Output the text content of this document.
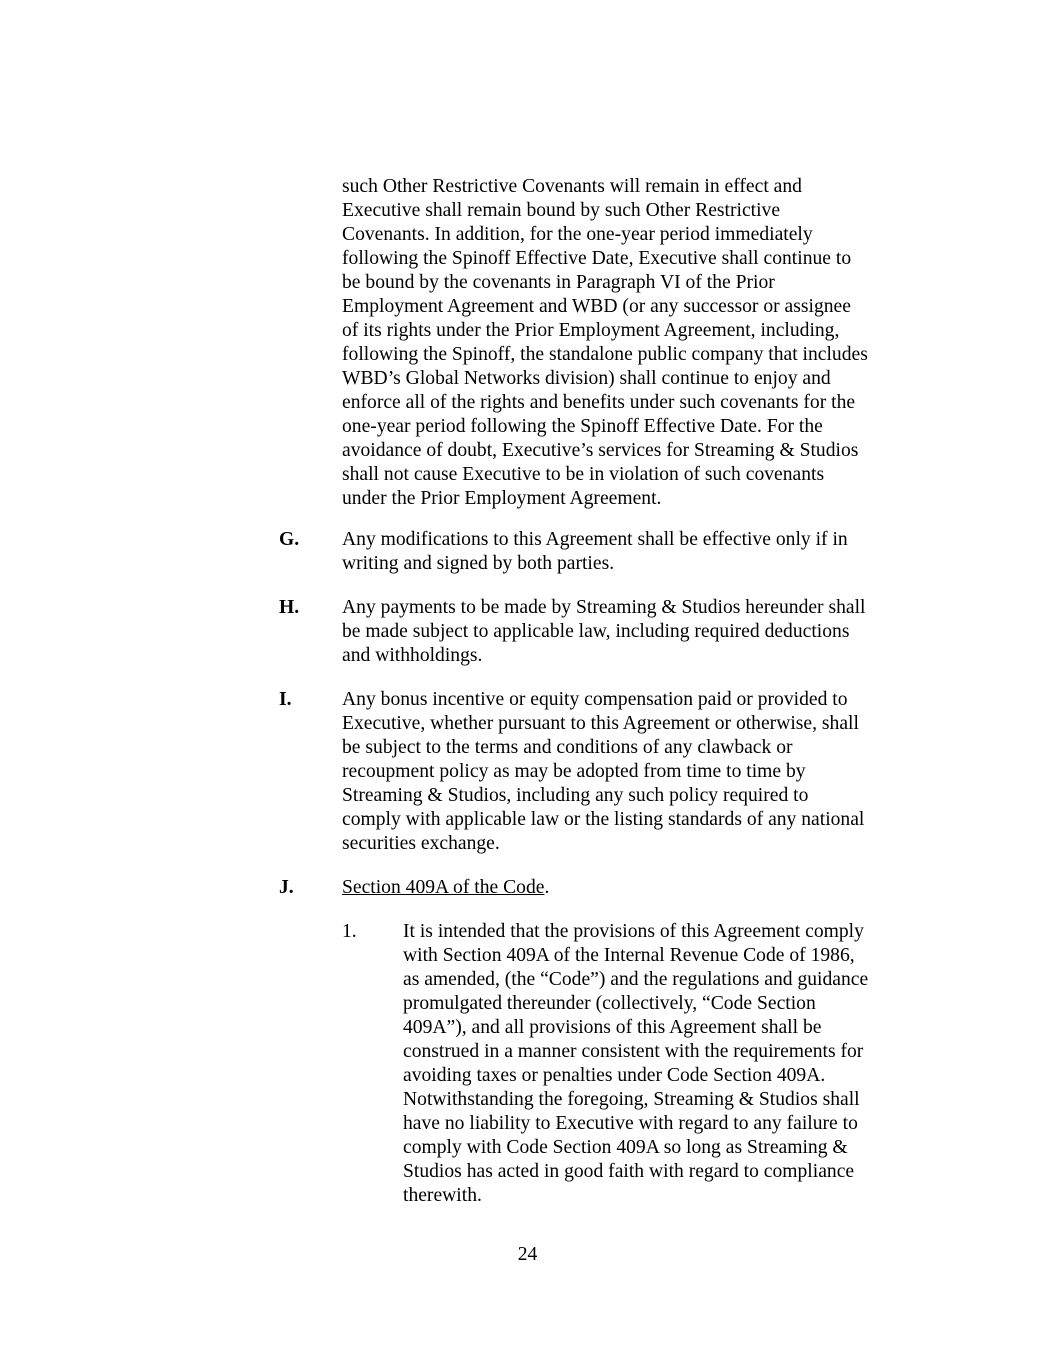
such Other Restrictive Covenants will remain in effect and
Executive shall remain bound by such Other Restrictive
Covenants. In addition, for the one-year period immediately
following the Spinoff Effective Date, Executive shall continue to
be bound by the covenants in Paragraph VI of the Prior
Employment Agreement and WBD (or any successor or assignee
of its rights under the Prior Employment Agreement, including,
following the Spinoff, the standalone public company that includes
WBD’s Global Networks division) shall continue to enjoy and
enforce all of the rights and benefits under such covenants for the
one-year period following the Spinoff Effective Date. For the
avoidance of doubt, Executive’s services for Streaming & Studios
shall not cause Executive to be in violation of such covenants
under the Prior Employment Agreement.
G. Any modifications to this Agreement shall be effective only if in
writing and signed by both parties.
H. Any payments to be made by Streaming & Studios hereunder shall
be made subject to applicable law, including required deductions
and withholdings.
I.	Any bonus incentive or equity compensation paid or provided to
Executive, whether pursuant to this Agreement or otherwise, shall
be subject to the terms and conditions of any clawback or
recoupment policy as may be adopted from time to time by
Streaming & Studios, including any such policy required to
comply with applicable law or the listing standards of any national
securities exchange.
J. Section 409A of the Code.
1. It is intended that the provisions of this Agreement comply
with Section 409A of the Internal Revenue Code of 1986,
as amended, (the “Code”) and the regulations and guidance
promulgated thereunder (collectively, “Code Section
409A”), and all provisions of this Agreement shall be
construed in a manner consistent with the requirements for
avoiding taxes or penalties under Code Section 409A.
Notwithstanding the foregoing, Streaming & Studios shall
have no liability to Executive with regard to any failure to
comply with Code Section 409A so long as Streaming &
Studios has acted in good faith with regard to compliance
therewith.
24
